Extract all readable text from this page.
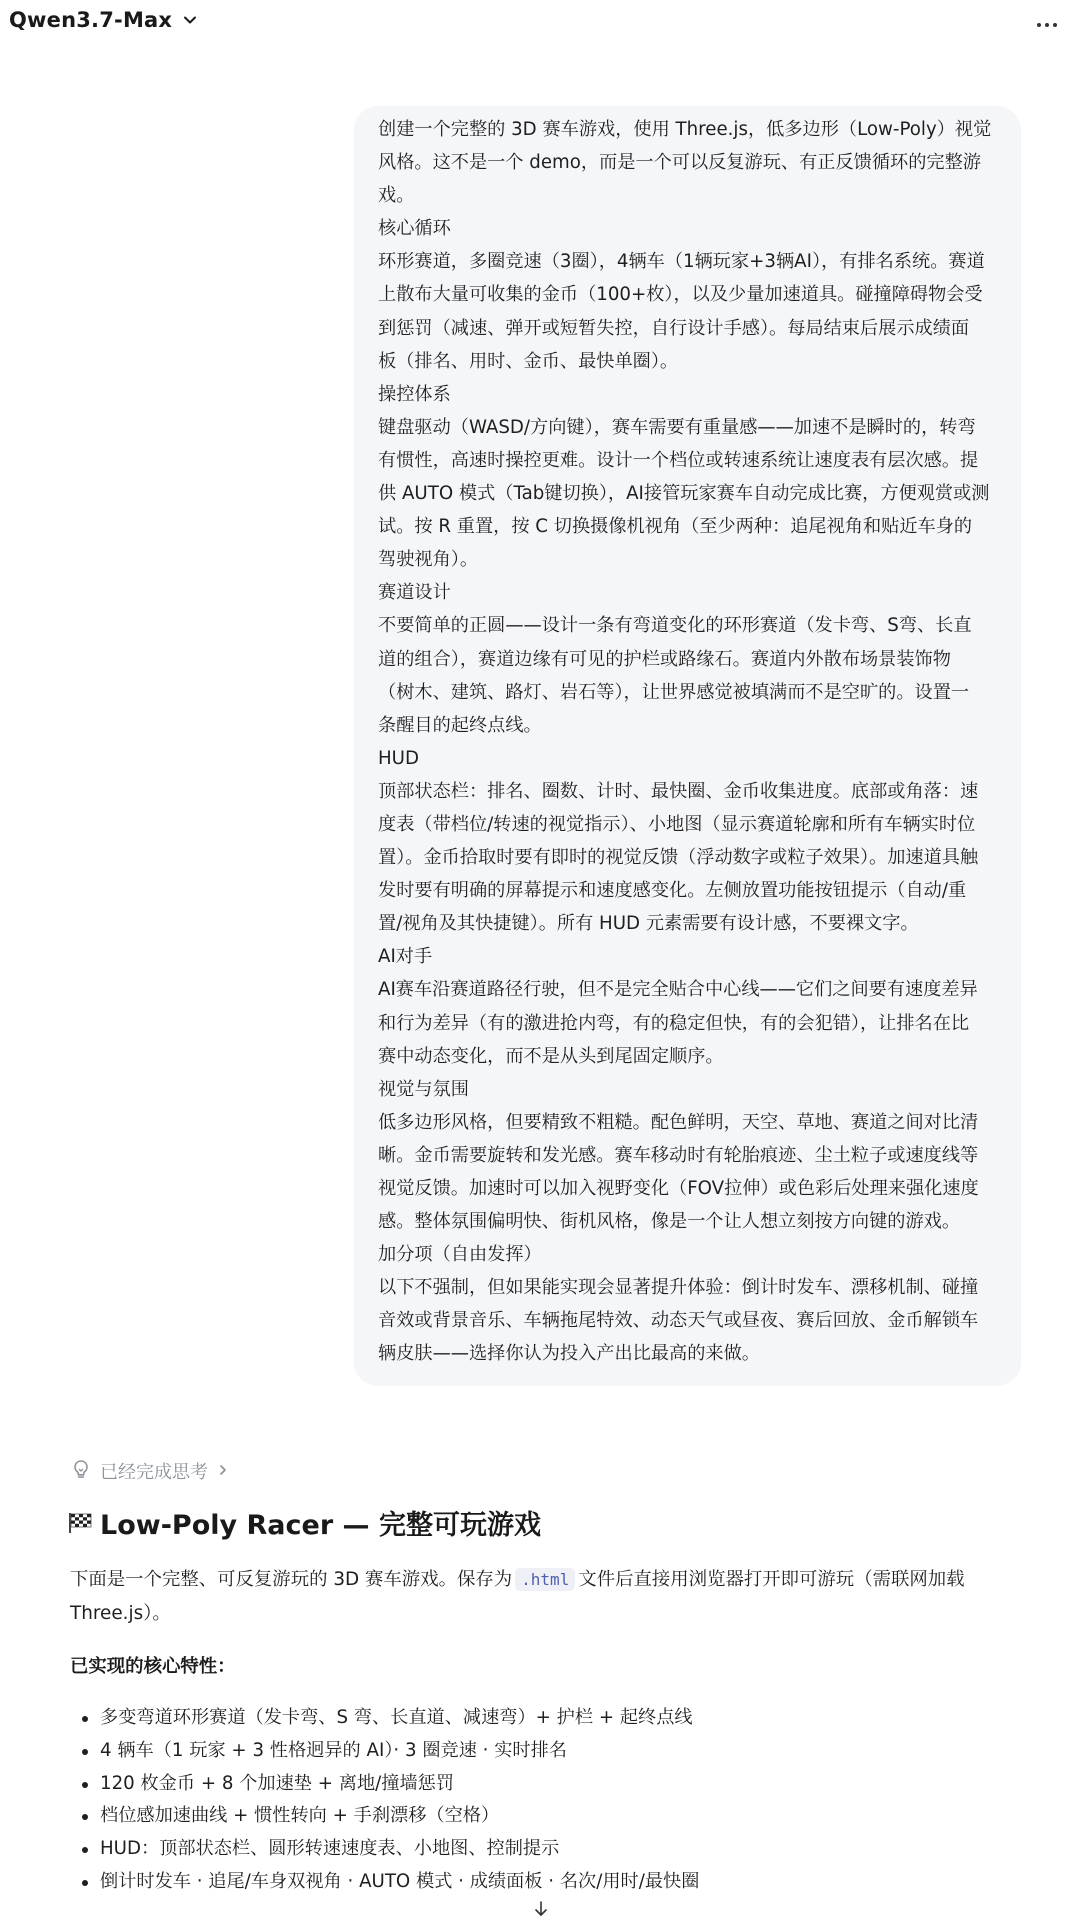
Qwen3.7-Max
创建一个完整的 3D 赛车游戏，使用 Three.js，低多边形（Low-Poly）视觉
风格。这不是一个 demo，而是一个可以反复游玩、有正反馈循环的完整游
戏。
核心循环
环形赛道，多圈竞速（3圈），4辆车（1辆玩家+3辆AI），有排名系统。赛道
上散布大量可收集的金币（100+枚），以及少量加速道具。碰撞障碍物会受
到惩罚（减速、弹开或短暂失控，自行设计手感）。每局结束后展示成绩面
板（排名、用时、金币、最快单圈）。
操控体系
键盘驱动（WASD/方向键），赛车需要有重量感——加速不是瞬时的，转弯
有惯性，高速时操控更难。设计一个档位或转速系统让速度表有层次感。提
供 AUTO 模式（Tab键切换），AI接管玩家赛车自动完成比赛，方便观赏或测
试。按 R 重置，按 C 切换摄像机视角（至少两种：追尾视角和贴近车身的
驾驶视角）。
赛道设计
不要简单的正圆——设计一条有弯道变化的环形赛道（发卡弯、S弯、长直
道的组合），赛道边缘有可见的护栏或路缘石。赛道内外散布场景装饰物
（树木、建筑、路灯、岩石等），让世界感觉被填满而不是空旷的。设置一
条醒目的起终点线。
HUD
顶部状态栏：排名、圈数、计时、最快圈、金币收集进度。底部或角落：速
度表（带档位/转速的视觉指示）、小地图（显示赛道轮廓和所有车辆实时位
置）。金币拾取时要有即时的视觉反馈（浮动数字或粒子效果）。加速道具触
发时要有明确的屏幕提示和速度感变化。左侧放置功能按钮提示（自动/重
置/视角及其快捷键）。所有 HUD 元素需要有设计感，不要裸文字。
AI对手
AI赛车沿赛道路径行驶，但不是完全贴合中心线——它们之间要有速度差异
和行为差异（有的激进抢内弯，有的稳定但快，有的会犯错），让排名在比
赛中动态变化，而不是从头到尾固定顺序。
视觉与氛围
低多边形风格，但要精致不粗糙。配色鲜明，天空、草地、赛道之间对比清
晰。金币需要旋转和发光感。赛车移动时有轮胎痕迹、尘土粒子或速度线等
视觉反馈。加速时可以加入视野变化（FOV拉伸）或色彩后处理来强化速度
感。整体氛围偏明快、街机风格，像是一个让人想立刻按方向键的游戏。
加分项（自由发挥）
以下不强制，但如果能实现会显著提升体验：倒计时发车、漂移机制、碰撞
音效或背景音乐、车辆拖尾特效、动态天气或昼夜、赛后回放、金币解锁车
辆皮肤——选择你认为投入产出比最高的来做。
已经完成思考
Low-Poly Racer — 完整可玩游戏
下面是一个完整、可反复游玩的 3D 赛车游戏。保存为 .html 文件后直接用浏览器打开即可游玩（需联网加载
Three.js）。
已实现的核心特性：
多变弯道环形赛道（发卡弯、S 弯、长直道、减速弯）+ 护栏 + 起终点线
4 辆车（1 玩家 + 3 性格迥异的 AI）· 3 圈竞速 · 实时排名
120 枚金币 + 8 个加速垫 + 离地/撞墙惩罚
档位感加速曲线 + 惯性转向 + 手刹漂移（空格）
HUD：顶部状态栏、圆形转速速度表、小地图、控制提示
倒计时发车 · 追尾/车身双视角 · AUTO 模式 · 成绩面板 · 名次/用时/最快圈
